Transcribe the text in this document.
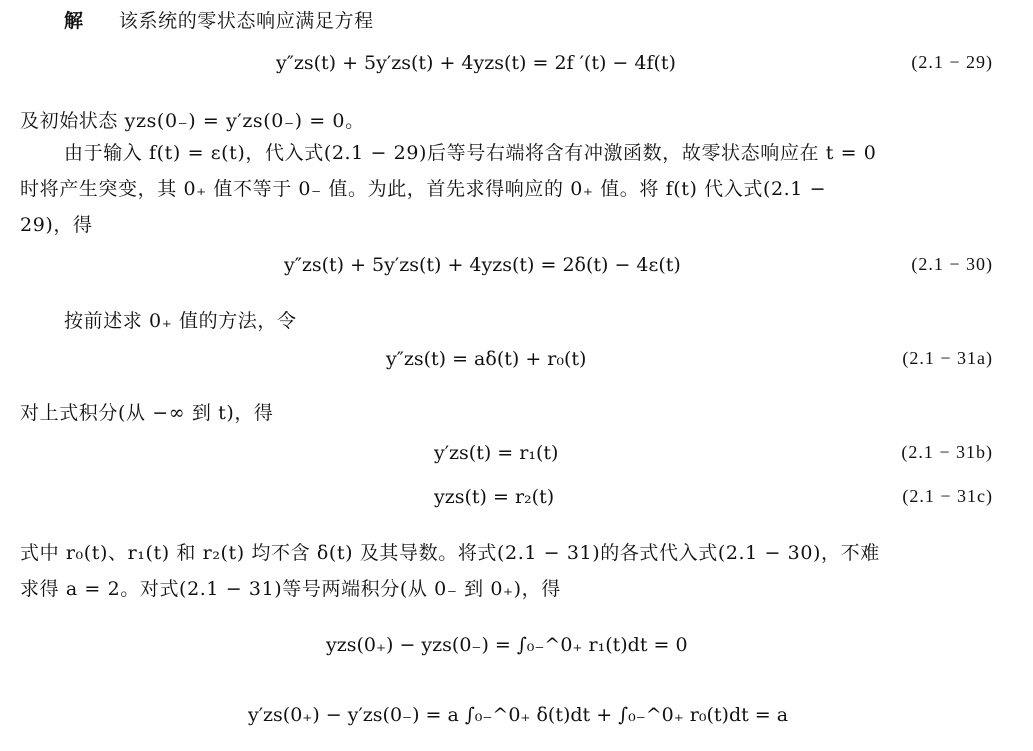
解 该系统的零状态响应满足方程
y″zs(t) + 5y′zs(t) + 4yzs(t) = 2f ′(t) − 4f(t)	(2.1 − 29)
及初始状态 yzs(0₋) = y′zs(0₋) = 0。
由于输入 f(t) = ε(t)，代入式(2.1 − 29)后等号右端将含有冲激函数，故零状态响应在 t = 0
时将产生突变，其 0₊ 值不等于 0₋ 值。为此，首先求得响应的 0₊ 值。将 f(t) 代入式(2.1 −
29)，得
y″zs(t) + 5y′zs(t) + 4yzs(t) = 2δ(t) − 4ε(t)	(2.1 − 30)
按前述求 0₊ 值的方法，令
y″zs(t) = aδ(t) + r₀(t)	(2.1 − 31a)
对上式积分(从 −∞ 到 t)，得
y′zs(t) = r₁(t)	(2.1 − 31b)
yzs(t) = r₂(t)	(2.1 − 31c)
式中 r₀(t)、r₁(t) 和 r₂(t) 均不含 δ(t) 及其导数。将式(2.1 − 31)的各式代入式(2.1 − 30)，不难
求得 a = 2。对式(2.1 − 31)等号两端积分(从 0₋ 到 0₊)，得
yzs(0₊) − yzs(0₋) = ∫₀₋^0₊ r₁(t)dt = 0
y′zs(0₊) − y′zs(0₋) = a ∫₀₋^0₊ δ(t)dt + ∫₀₋^0₊ r₀(t)dt = a
